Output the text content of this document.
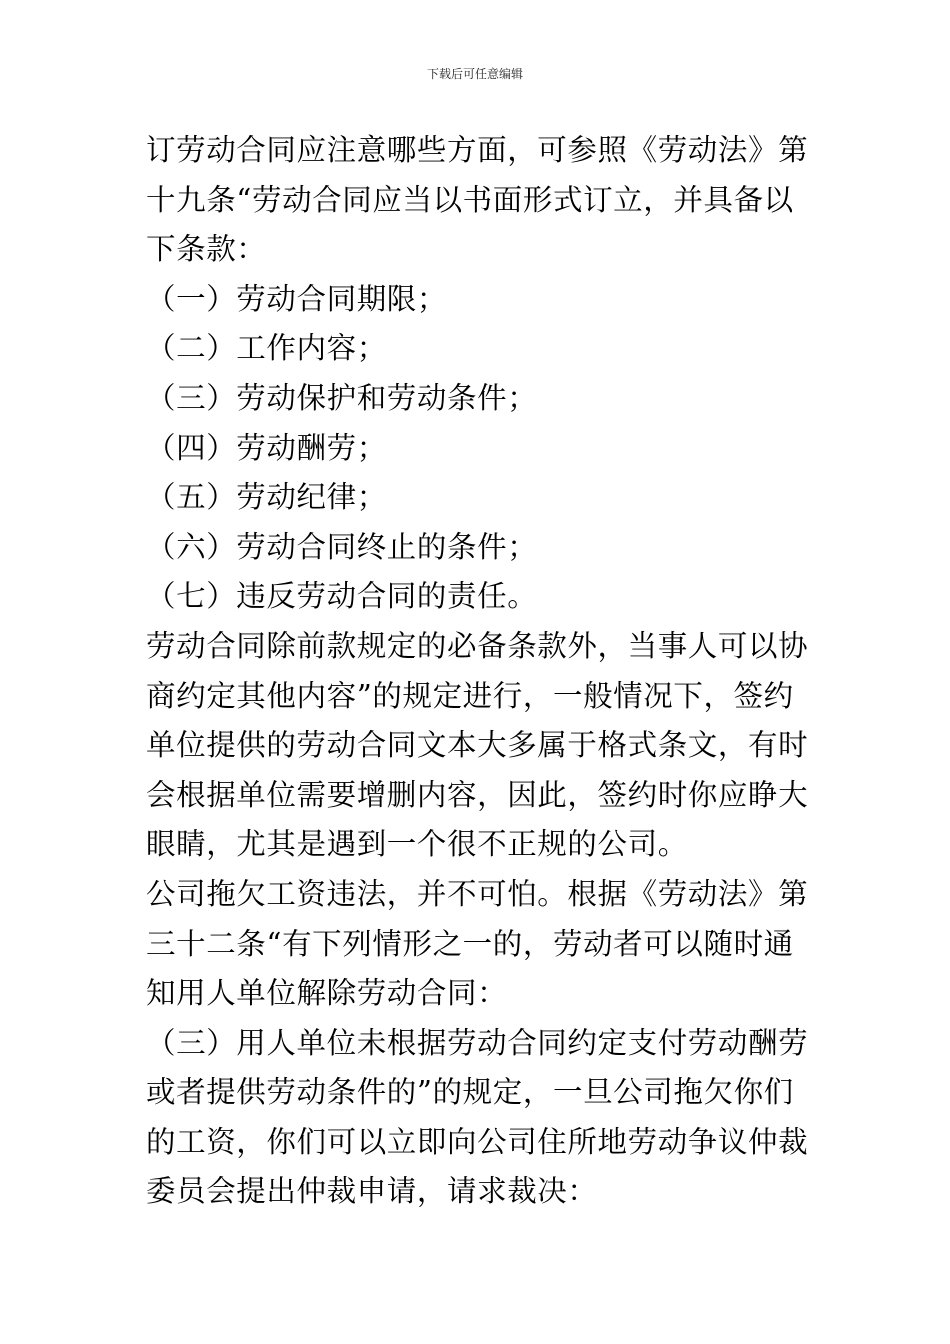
下载后可任意编辑

订劳动合同应注意哪些方面，可参照《劳动法》第十九条“劳动合同应当以书面形式订立，并具备以下条款：

（一）劳动合同期限；

（二）工作内容；

（三）劳动保护和劳动条件；

（四）劳动酬劳；

（五）劳动纪律；

（六）劳动合同终止的条件；

（七）违反劳动合同的责任。

劳动合同除前款规定的必备条款外，当事人可以协商约定其他内容”的规定进行，一般情况下，签约单位提供的劳动合同文本大多属于格式条文，有时会根据单位需要增删内容，因此，签约时你应睁大眼睛，尤其是遇到一个很不正规的公司。

公司拖欠工资违法，并不可怕。根据《劳动法》第三十二条“有下列情形之一的，劳动者可以随时通知用人单位解除劳动合同：

（三）用人单位未根据劳动合同约定支付劳动酬劳或者提供劳动条件的”的规定，一旦公司拖欠你们的工资，你们可以立即向公司住所地劳动争议仲裁委员会提出仲裁申请，请求裁决：
